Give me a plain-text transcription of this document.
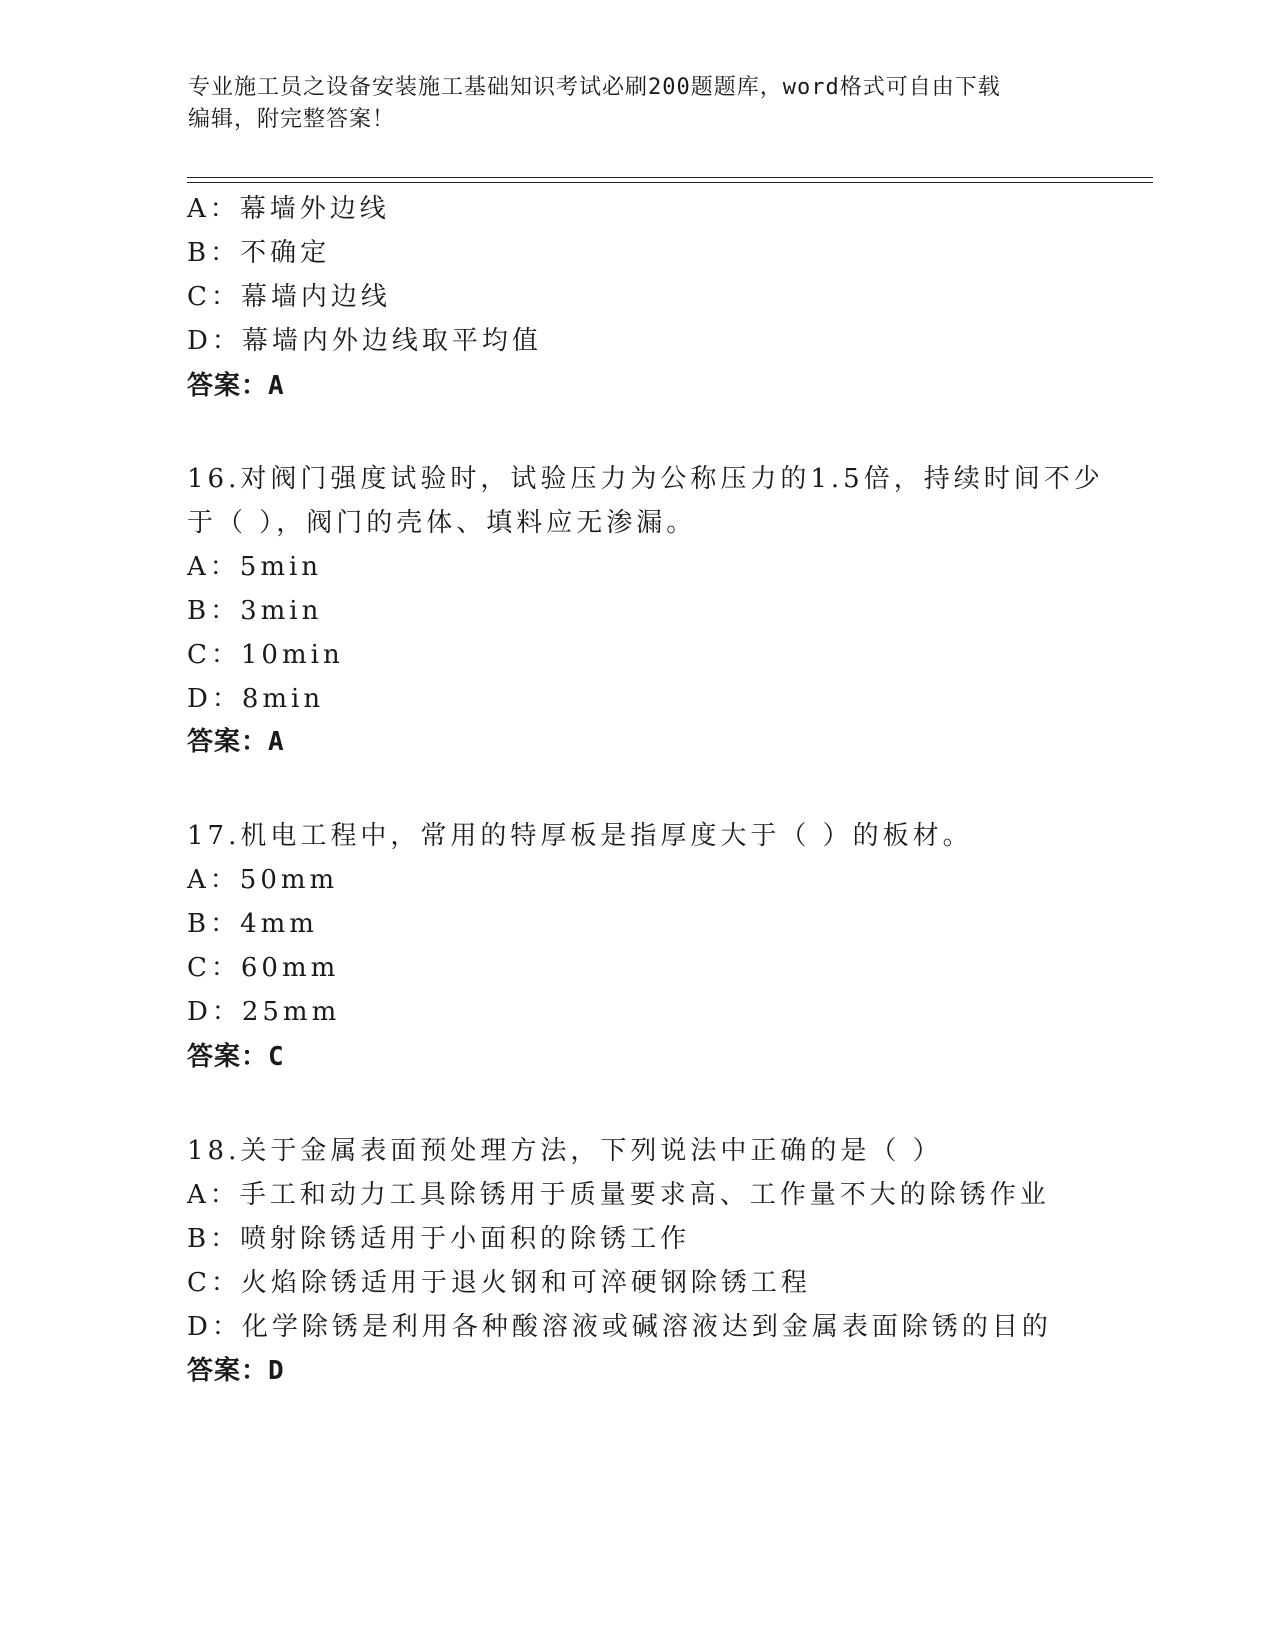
专业施工员之设备安装施工基础知识考试必刷200题题库，word格式可自由下载
编辑，附完整答案！
A：幕墙外边线
B：不确定
C：幕墙内边线
D：幕墙内外边线取平均值
答案：A
16.对阀门强度试验时，试验压力为公称压力的1.5倍，持续时间不少
于（ ），阀门的壳体、填料应无渗漏。
A：5min
B：3min
C：10min
D：8min
答案：A
17.机电工程中，常用的特厚板是指厚度大于（ ）的板材。
A：50mm
B：4mm
C：60mm
D：25mm
答案：C
18.关于金属表面预处理方法，下列说法中正确的是（ ）
A：手工和动力工具除锈用于质量要求高、工作量不大的除锈作业
B：喷射除锈适用于小面积的除锈工作
C：火焰除锈适用于退火钢和可淬硬钢除锈工程
D：化学除锈是利用各种酸溶液或碱溶液达到金属表面除锈的目的
答案：D
